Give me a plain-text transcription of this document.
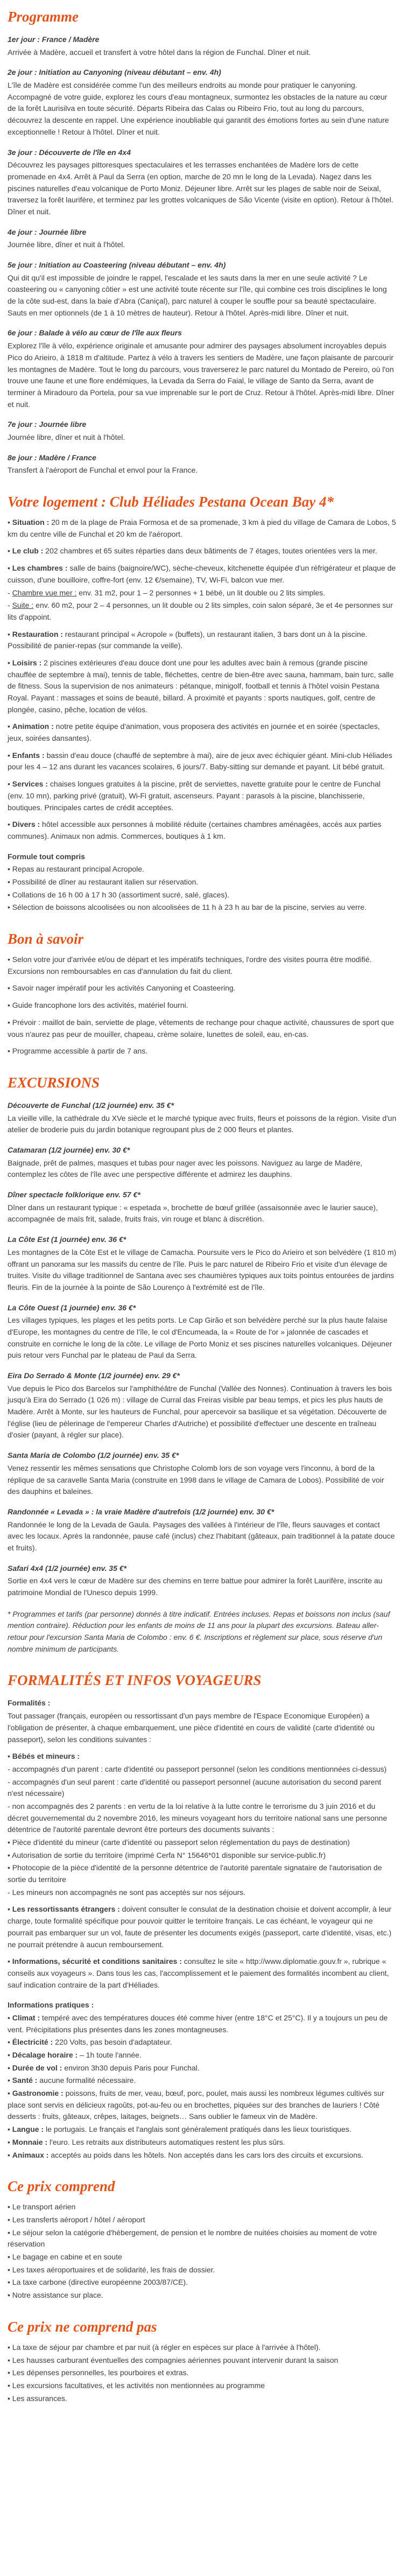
Programme
1er jour : France / Madère
Arrivée à Madère, accueil et transfert à votre hôtel dans la région de Funchal. Dîner et nuit.
2e jour : Initiation au Canyoning (niveau débutant – env. 4h)
L'île de Madère est considérée comme l'un des meilleurs endroits au monde pour pratiquer le canyoning. Accompagné de votre guide, explorez les cours d'eau montagneux, surmontez les obstacles de la nature au cœur de la forêt Laurisilva en toute sécurité. Départs Ribeira das Calas ou Ribeiro Frio, tout au long du parcours, découvrez la descente en rappel. Une expérience inoubliable qui garantit des émotions fortes au sein d'une nature exceptionnelle ! Retour à l'hôtel. Dîner et nuit.
3e jour : Découverte de l'île en 4x4
Découvrez les paysages pittoresques spectaculaires et les terrasses enchantées de Madère lors de cette promenade en 4x4. Arrêt à Paul da Serra (en option, marche de 20 mn le long de la Levada). Nagez dans les piscines naturelles d'eau volcanique de Porto Moniz. Déjeuner libre. Arrêt sur les plages de sable noir de Seixal, traversez la forêt laurifère, et terminez par les grottes volcaniques de São Vicente (visite en option). Retour à l'hôtel. Dîner et nuit.
4e jour : Journée libre
Journée libre, dîner et nuit à l'hôtel.
5e jour : Initiation au Coasteering (niveau débutant – env. 4h)
Qui dit qu'il est impossible de joindre le rappel, l'escalade et les sauts dans la mer en une seule activité ? Le coasteering ou « canyoning côtier » est une activité toute récente sur l'île, qui combine ces trois disciplines le long de la côte sud-est, dans la baie d'Abra (Caniçal), parc naturel à couper le souffle pour sa beauté spectaculaire. Sauts en mer optionnels (de 1 à 10 mètres de hauteur). Retour à l'hôtel. Après-midi libre. Dîner et nuit.
6e jour : Balade à vélo au cœur de l'île aux fleurs
Explorez l'île à vélo, expérience originale et amusante pour admirer des paysages absolument incroyables depuis Pico do Arieiro, à 1818 m d'altitude. Partez à vélo à travers les sentiers de Madère, une façon plaisante de parcourir les montagnes de Madère. Tout le long du parcours, vous traverserez le parc naturel du Montado de Pereiro, où l'on trouve une faune et une flore endémiques, la Levada da Serra do Faial, le village de Santo da Serra, avant de terminer à Miradouro da Portela, pour sa vue imprenable sur le port de Cruz. Retour à l'hôtel. Après-midi libre. Dîner et nuit.
7e jour : Journée libre
Journée libre, dîner et nuit à l'hôtel.
8e jour : Madère / France
Transfert à l'aéroport de Funchal et envol pour la France.
Votre logement : Club Héliades Pestana Ocean Bay 4*
• Situation : 20 m de la plage de Praia Formosa et de sa promenade, 3 km à pied du village de Camara de Lobos, 5 km du centre ville de Funchal et 20 km de l'aéroport.
• Le club : 202 chambres et 65 suites réparties dans deux bâtiments de 7 étages, toutes orientées vers la mer.
• Les chambres : salle de bains (baignoire/WC), sèche-cheveux, kitchenette équipée d'un réfrigérateur et plaque de cuisson, d'une bouilloire, coffre-fort (env. 12 €/semaine), TV, Wi-Fi, balcon vue mer.
- Chambre vue mer : env. 31 m2, pour 1 – 2 personnes + 1 bébé, un lit double ou 2 lits simples.
- Suite : env. 60 m2, pour 2 – 4 personnes, un lit double ou 2 lits simples, coin salon séparé, 3e et 4e personnes sur lits d'appoint.
• Restauration : restaurant principal « Acropole » (buffets), un restaurant italien, 3 bars dont un à la piscine. Possibilité de panier-repas (sur commande la veille).
• Loisirs : 2 piscines extérieures d'eau douce dont une pour les adultes avec bain à remous (grande piscine chauffée de septembre à mai), tennis de table, fléchettes, centre de bien-être avec sauna, hammam, bain turc, salle de fitness. Sous la supervision de nos animateurs : pétanque, minigolf, football et tennis à l'hôtel voisin Pestana Royal. Payant : massages et soins de beauté, billard. À proximité et payants : sports nautiques, golf, centre de plongée, casino, pêche, location de vélos.
• Animation : notre petite équipe d'animation, vous proposera des activités en journée et en soirée (spectacles, jeux, soirées dansantes).
• Enfants : bassin d'eau douce (chauffé de septembre à mai), aire de jeux avec échiquier géant. Mini-club Héliades pour les 4 – 12 ans durant les vacances scolaires, 6 jours/7. Baby-sitting sur demande et payant. Lit bébé gratuit.
• Services : chaises longues gratuites à la piscine, prêt de serviettes, navette gratuite pour le centre de Funchal (env. 10 mn), parking privé (gratuit), Wi-Fi gratuit, ascenseurs. Payant : parasols à la piscine, blanchisserie, boutiques. Principales cartes de crédit acceptées.
• Divers : hôtel accessible aux personnes à mobilité réduite (certaines chambres aménagées, accès aux parties communes). Animaux non admis. Commerces, boutiques à 1 km.
Formule tout compris
• Repas au restaurant principal Acropole.
• Possibilité de dîner au restaurant italien sur réservation.
• Collations de 16 h 00 à 17 h 30 (assortiment sucré, salé, glaces).
• Sélection de boissons alcoolisées ou non alcoolisées de 11 h à 23 h au bar de la piscine, servies au verre.
Bon à savoir
• Selon votre jour d'arrivée et/ou de départ et les impératifs techniques, l'ordre des visites pourra être modifié. Excursions non remboursables en cas d'annulation du fait du client.
• Savoir nager impératif pour les activités Canyoning et Coasteering.
• Guide francophone lors des activités, matériel fourni.
• Prévoir : maillot de bain, serviette de plage, vêtements de rechange pour chaque activité, chaussures de sport que vous n'aurez pas peur de mouiller, chapeau, crème solaire, lunettes de soleil, eau, en-cas.
• Programme accessible à partir de 7 ans.
EXCURSIONS
Découverte de Funchal (1/2 journée) env. 35 €*
La vieille ville, la cathédrale du XVe siècle et le marché typique avec fruits, fleurs et poissons de la région. Visite d'un atelier de broderie puis du jardin botanique regroupant plus de 2 000 fleurs et plantes.
Catamaran (1/2 journée) env. 30 €*
Baignade, prêt de palmes, masques et tubas pour nager avec les poissons. Naviguez au large de Madère, contemplez les côtes de l'île avec une perspective différente et admirez les dauphins.
Dîner spectacle folklorique env. 57 €*
Dîner dans un restaurant typique : « espetada », brochette de bœuf grillée (assaisonnée avec le laurier sauce), accompagnée de maïs frit, salade, fruits frais, vin rouge et blanc à discrétion.
La Côte Est (1 journée) env. 36 €*
Les montagnes de la Côte Est et le village de Camacha. Poursuite vers le Pico do Arieiro et son belvédère (1 810 m) offrant un panorama sur les massifs du centre de l'île. Puis le parc naturel de Ribeiro Frio et visite d'un élevage de truites. Visite du village traditionnel de Santana avec ses chaumières typiques aux toits pointus entourées de jardins fleuris. Fin de la journée à la pointe de São Lourenço à l'extrémité est de l'île.
La Côte Ouest (1 journée) env. 36 €*
Les villages typiques, les plages et les petits ports. Le Cap Girão et son belvédère perché sur la plus haute falaise d'Europe, les montagnes du centre de l'île, le col d'Encumeada, la « Route de l'or » jalonnée de cascades et construite en corniche le long de la côte. Le village de Porto Moniz et ses piscines naturelles volcaniques. Déjeuner puis retour vers Funchal par le plateau de Paul da Serra.
Eira Do Serrado & Monte (1/2 journée) env. 29 €*
Vue depuis le Pico dos Barcelos sur l'amphithéâtre de Funchal (Vallée des Nonnes). Continuation à travers les bois jusqu'à Eira do Serrado (1 026 m) : village de Curral das Freiras visible par beau temps, et pics les plus hauts de Madère. Arrêt à Monte, sur les hauteurs de Funchal, pour apercevoir sa basilique et sa végétation. Découverte de l'église (lieu de pèlerinage de l'empereur Charles d'Autriche) et possibilité d'effectuer une descente en traîneau d'osier (payant, à régler sur place).
Santa Maria de Colombo (1/2 journée) env. 35 €*
Venez ressentir les mêmes sensations que Christophe Colomb lors de son voyage vers l'inconnu, à bord de la réplique de sa caravelle Santa Maria (construite en 1998 dans le village de Camara de Lobos). Possibilité de voir des dauphins et baleines.
Randonnée « Levada » : la vraie Madère d'autrefois (1/2 journée) env. 30 €*
Randonnée le long de la Levada de Gaula. Paysages des vallées à l'intérieur de l'île, fleurs sauvages et contact avec les locaux. Après la randonnée, pause café (inclus) chez l'habitant (gâteaux, pain traditionnel à la patate douce et fruits).
Safari 4x4 (1/2 journée) env. 35 €*
Sortie en 4x4 vers le cœur de Madère sur des chemins en terre battue pour admirer la forêt Laurifère, inscrite au patrimoine Mondial de l'Unesco depuis 1999.
* Programmes et tarifs (par personne) donnés à titre indicatif. Entrées incluses. Repas et boissons non inclus (sauf mention contraire). Réduction pour les enfants de moins de 11 ans pour la plupart des excursions. Bateau aller-retour pour l'excursion Santa Maria de Colombo : env. 6 €. Inscriptions et règlement sur place, sous réserve d'un nombre minimum de participants.
FORMALITÉS ET INFOS VOYAGEURS
Formalités :
Tout passager (français, européen ou ressortissant d'un pays membre de l'Espace Economique Européen) a l'obligation de présenter, à chaque embarquement, une pièce d'identité en cours de validité (carte d'identité ou passeport), selon les conditions suivantes :
• Bébés et mineurs :
- accompagnés d'un parent : carte d'identité ou passeport personnel (selon les conditions mentionnées ci-dessus)
- accompagnés d'un seul parent : carte d'identité ou passeport personnel (aucune autorisation du second parent n'est nécessaire)
- non accompagnés des 2 parents : en vertu de la loi relative à la lutte contre le terrorisme du 3 juin 2016 et du décret gouvernemental du 2 novembre 2016, les mineurs voyageant hors du territoire national sans une personne détentrice de l'autorité parentale devront être porteurs des documents suivants :
• Pièce d'identité du mineur (carte d'identité ou passeport selon réglementation du pays de destination)
• Autorisation de sortie du territoire (imprimé Cerfa N° 15646*01 disponible sur service-public.fr)
• Photocopie de la pièce d'identité de la personne détentrice de l'autorité parentale signataire de l'autorisation de sortie du territoire
- Les mineurs non accompagnés ne sont pas acceptés sur nos séjours.
• Les ressortissants étrangers : doivent consulter le consulat de la destination choisie et doivent accomplir, à leur charge, toute formalité spécifique pour pouvoir quitter le territoire français. Le cas échéant, le voyageur qui ne pourrait pas embarquer sur un vol, faute de présenter les documents exigés (passeport, carte d'identité, visas, etc.) ne pourrait prétendre à aucun remboursement.
• Informations, sécurité et conditions sanitaires : consultez le site « http://www.diplomatie.gouv.fr », rubrique « conseils aux voyageurs ». Dans tous les cas, l'accomplissement et le paiement des formalités incombent au client, sauf indication contraire de la part d'Héliades.
Informations pratiques :
• Climat : tempéré avec des températures douces été comme hiver (entre 18°C et 25°C). Il y a toujours un peu de vent. Précipitations plus présentes dans les zones montagneuses.
• Électricité : 220 Volts, pas besoin d'adaptateur.
• Décalage horaire : – 1h toute l'année.
• Durée de vol : environ 3h30 depuis Paris pour Funchal.
• Santé : aucune formalité nécessaire.
• Gastronomie : poissons, fruits de mer, veau, bœuf, porc, poulet, mais aussi les nombreux légumes cultivés sur place sont servis en délicieux ragoûts, pot-au-feu ou en brochettes, piquées sur des branches de lauriers ! Côté desserts : fruits, gâteaux, crêpes, laitages, beignets… Sans oublier le fameux vin de Madère.
• Langue : le portugais. Le français et l'anglais sont généralement pratiqués dans les lieux touristiques.
• Monnaie : l'euro. Les retraits aux distributeurs automatiques restent les plus sûrs.
• Animaux : acceptés au poids dans les hôtels. Non acceptés dans les cars lors des circuits et excursions.
Ce prix comprend
• Le transport aérien
• Les transferts aéroport / hôtel / aéroport
• Le séjour selon la catégorie d'hébergement, de pension et le nombre de nuitées choisies au moment de votre réservation
• Le bagage en cabine et en soute
• Les taxes aéroportuaires et de solidarité, les frais de dossier.
• La taxe carbone (directive européenne 2003/87/CE).
• Notre assistance sur place.
Ce prix ne comprend pas
• La taxe de séjour par chambre et par nuit (à régler en espèces sur place à l'arrivée à l'hôtel).
• Les hausses carburant éventuelles des compagnies aériennes pouvant intervenir durant la saison
• Les dépenses personnelles, les pourboires et extras.
• Les excursions facultatives, et les activités non mentionnées au programme
• Les assurances.
